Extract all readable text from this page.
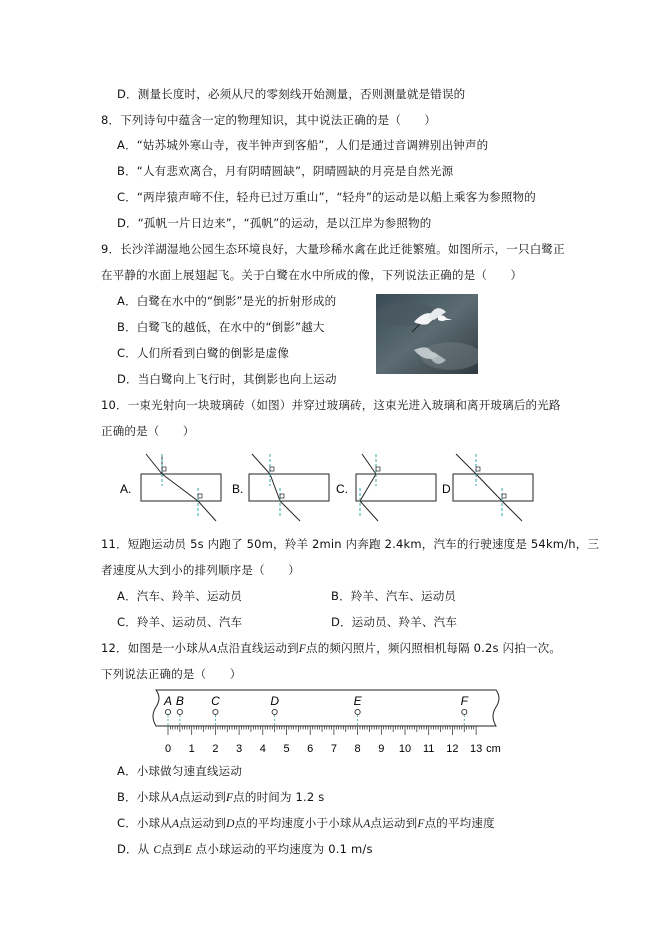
D．测量长度时，必须从尺的零刻线开始测量，否则测量就是错误的
8．下列诗句中蕴含一定的物理知识，其中说法正确的是（　　）
A．“姑苏城外寒山寺，夜半钟声到客船”，人们是通过音调辨别出钟声的
B．“人有悲欢离合，月有阴晴圆缺”，阴晴圆缺的月亮是自然光源
C．“两岸猿声啼不住，轻舟已过万重山”，“轻舟”的运动是以船上乘客为参照物的
D．“孤帆一片日边来”，“孤帆”的运动，是以江岸为参照物的
9．长沙洋湖湿地公园生态环境良好，大量珍稀水禽在此迁徙繁殖。如图所示，一只白鹭正
在平静的水面上展翅起飞。关于白鹭在水中所成的像，下列说法正确的是（　　）
A．白鹭在水中的“倒影”是光的折射形成的
B．白鹭飞的越低，在水中的“倒影”越大
C．人们所看到白鹭的倒影是虚像
D．当白鹭向上飞行时，其倒影也向上运动
10．一束光射向一块玻璃砖（如图）并穿过玻璃砖，这束光进入玻璃和离开玻璃后的光路
正确的是（　　）
A.	B.	C.	D
11．短跑运动员 5s 内跑了 50m，羚羊 2min 内奔跑 2.4km，汽车的行驶速度是 54km/h，三
者速度从大到小的排列顺序是（　　）
A．汽车、羚羊、运动员	B．羚羊、汽车、运动员
C．羚羊、运动员、汽车	D．运动员、羚羊、汽车
12．如图是一小球从A点沿直线运动到F点的频闪照片，频闪照相机每隔 0.2s 闪拍一次。
下列说法正确的是（　　）
0 1 2 3 4 5 6 7 8 9 10 11 12 13 cm
A B C	D	E	F
A．小球做匀速直线运动
B．小球从A点运动到F点的时间为 1.2 s
C．小球从A点运动到D点的平均速度小于小球从A点运动到F点的平均速度
D．从 C点到E 点小球运动的平均速度为 0.1 m/s
